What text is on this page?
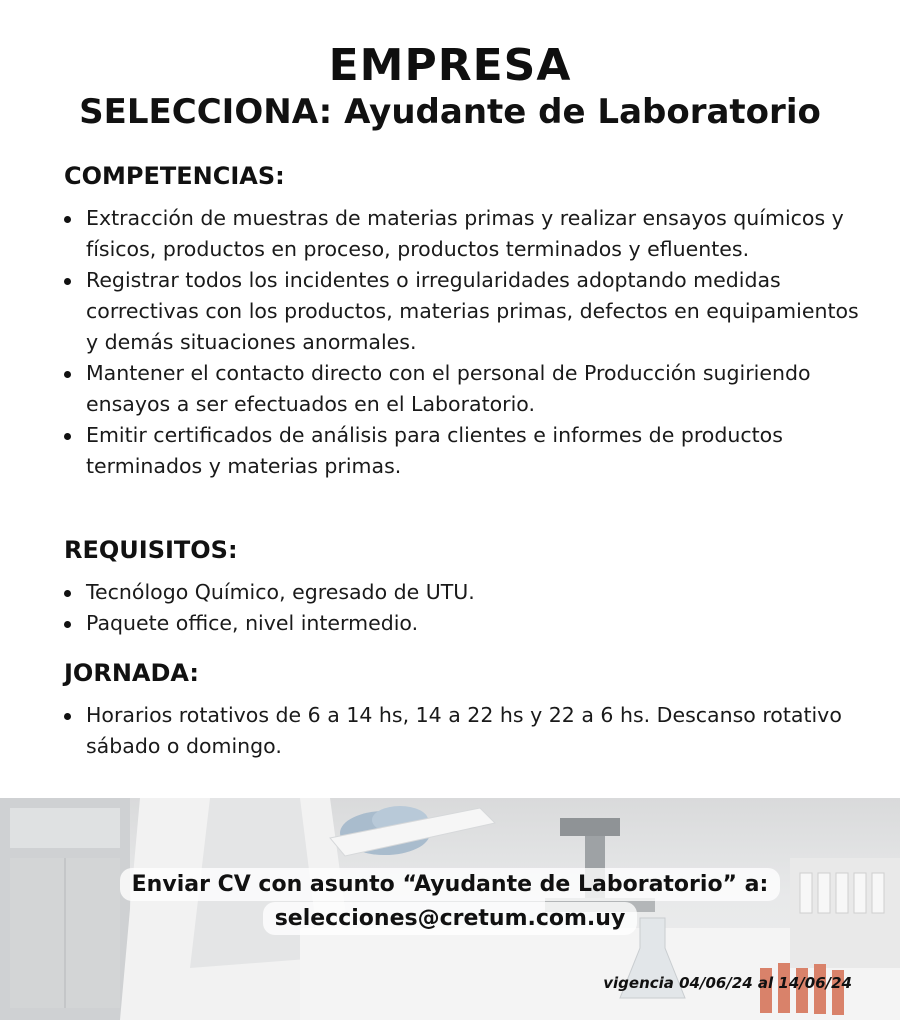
EMPRESA
SELECCIONA: Ayudante de Laboratorio
COMPETENCIAS:
Extracción de muestras de materias primas y realizar ensayos químicos y físicos, productos en proceso, productos terminados y efluentes.
Registrar todos los incidentes o irregularidades adoptando medidas correctivas con los productos, materias primas, defectos en equipamientos y demás situaciones anormales.
Mantener el contacto directo con el personal de Producción sugiriendo ensayos a ser efectuados en el Laboratorio.
Emitir certificados de análisis para clientes e informes de productos terminados y materias primas.
REQUISITOS:
Tecnólogo Químico, egresado de UTU.
Paquete office, nivel intermedio.
JORNADA:
Horarios rotativos de 6 a 14 hs, 14 a 22 hs y 22 a 6 hs. Descanso rotativo sábado o domingo.
Enviar CV con asunto “Ayudante de Laboratorio” a:
selecciones@cretum.com.uy
vigencia 04/06/24 al 14/06/24
